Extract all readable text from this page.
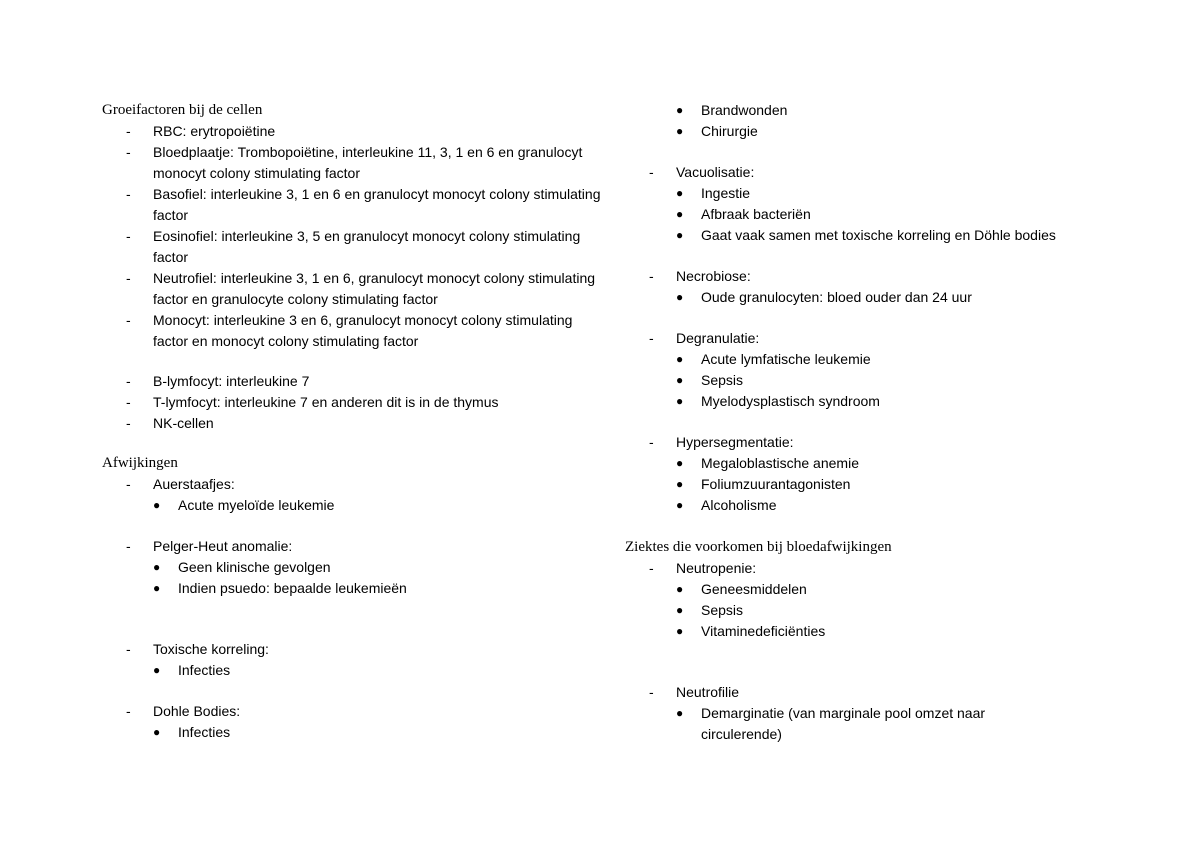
Groeifactoren bij de cellen
- RBC: erytropoiëtine
- Bloedplaatje: Trombopoiëtine, interleukine 11, 3, 1 en 6 en granulocyt monocyt colony stimulating factor
- Basofiel: interleukine 3, 1 en 6 en granulocyt monocyt colony stimulating factor
- Eosinofiel: interleukine 3, 5 en granulocyt monocyt colony stimulating factor
- Neutrofiel: interleukine 3, 1 en 6, granulocyt monocyt colony stimulating factor en granulocyte colony stimulating factor
- Monocyt: interleukine 3 en 6, granulocyt monocyt colony stimulating factor en monocyt colony stimulating factor
- B-lymfocyt: interleukine 7
- T-lymfocyt: interleukine 7 en anderen dit is in de thymus
- NK-cellen
Afwijkingen
- Auerstaafjes:
● Acute myeloïde leukemie
- Pelger-Heut anomalie:
● Geen klinische gevolgen
● Indien psuedo: bepaalde leukemieën
- Toxische korreling:
● Infecties
- Dohle Bodies:
● Infecties
● Brandwonden
● Chirurgie
- Vacuolisatie:
● Ingestie
● Afbraak bacteriën
● Gaat vaak samen met toxische korreling en Döhle bodies
- Necrobiose:
● Oude granulocyten: bloed ouder dan 24 uur
- Degranulatie:
● Acute lymfatische leukemie
● Sepsis
● Myelodysplastisch syndroom
- Hypersegmentatie:
● Megaloblastische anemie
● Foliumzuurantagonisten
● Alcoholisme
Ziektes die voorkomen bij bloedafwijkingen
- Neutropenie:
● Geneesmiddelen
● Sepsis
● Vitaminedeficiënties
- Neutrofilie
● Demarginatie (van marginale pool omzet naar circulerende)
